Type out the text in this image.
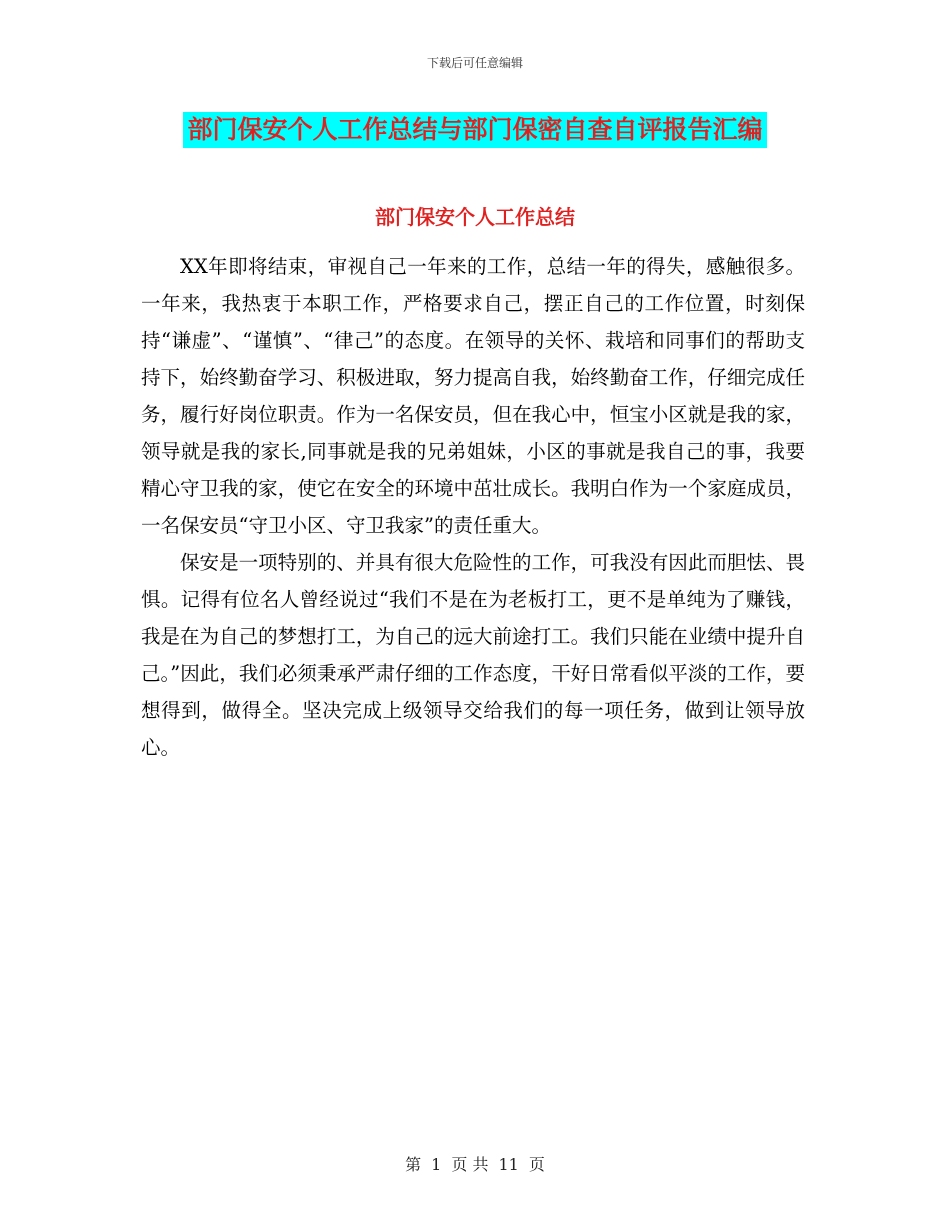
下载后可任意编辑
部门保安个人工作总结与部门保密自查自评报告汇编
部门保安个人工作总结

XX年即将结束，审视自己一年来的工作，总结一年的得失，感触很多。 一年来，我热衷于本职工作，严格要求自己，摆正自己的工作位置，时刻保持“谦虚”、“谨慎”、“律己”的态度。在领导的关怀、栽培和同事们的帮助支持下，始终勤奋学习、积极进取，努力提高自我，始终勤奋工作，仔细完成任务，履行好岗位职责。作为一名保安员，但在我心中，恒宝小区就是我的家，领导就是我的家长,同事就是我的兄弟姐妹，小区的事就是我自己的事，我要精心守卫我的家，使它在安全的环境中茁壮成长。我明白作为一个家庭成员，一名保安员“守卫小区、守卫我家”的责任重大。

保安是一项特别的、并具有很大危险性的工作，可我没有因此而胆怯、畏惧。记得有位名人曾经说过“我们不是在为老板打工，更不是单纯为了赚钱，我是在为自己的梦想打工，为自己的远大前途打工。我们只能在业绩中提升自己。”因此，我们必须秉承严肃仔细的工作态度，干好日常看似平淡的工作，要想得到，做得全。坚决完成上级领导交给我们的每一项任务，做到让领导放心。

第 1 页 共 11 页
